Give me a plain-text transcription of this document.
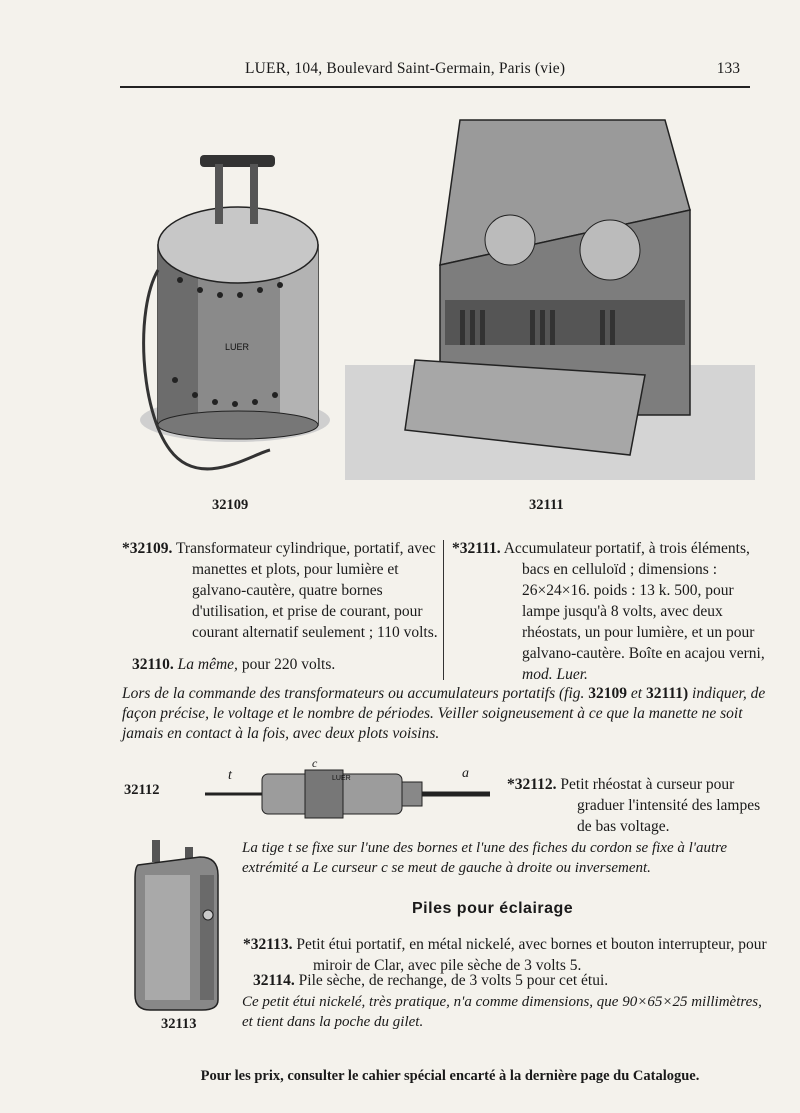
LUER, 104, Boulevard Saint-Germain, Paris (vie)	133
LUER
32109	32111
*32109. Transformateur cylindrique, portatif, avec manettes et plots, pour lumière et galvano-cautère, quatre bornes d'utilisation, et prise de courant, pour courant alternatif seulement ; 110 volts.
32110. La même, pour 220 volts.
*32111. Accumulateur portatif, à trois éléments, bacs en celluloïd ; dimensions : 26×24×16. poids : 13 k. 500, pour lampe jusqu'à 8 volts, avec deux rhéostats, un pour lumière, et un pour galvano-cautère. Boîte en acajou verni, mod. Luer.
Lors de la commande des transformateurs ou accumulateurs portatifs (fig. 32109 et 32111) indiquer, de façon précise, le voltage et le nombre de périodes. Veiller soigneusement à ce que la manette ne soit jamais en contact à la fois, avec deux plots voisins.
32112
LUER
t
c
a
*32112. Petit rhéostat à curseur pour graduer l'intensité des lampes de bas voltage.
La tige t se fixe sur l'une des bornes et l'une des fiches du cordon se fixe à l'autre extrémité a Le curseur c se meut de gauche à droite ou inversement.
32113
Piles pour éclairage
*32113. Petit étui portatif, en métal nickelé, avec bornes et bouton interrupteur, pour miroir de Clar, avec pile sèche de 3 volts 5.
32114. Pile sèche, de rechange, de 3 volts 5 pour cet étui.
Ce petit étui nickelé, très pratique, n'a comme dimensions, que 90×65×25 millimètres, et tient dans la poche du gilet.
Pour les prix, consulter le cahier spécial encarté à la dernière page du Catalogue.
